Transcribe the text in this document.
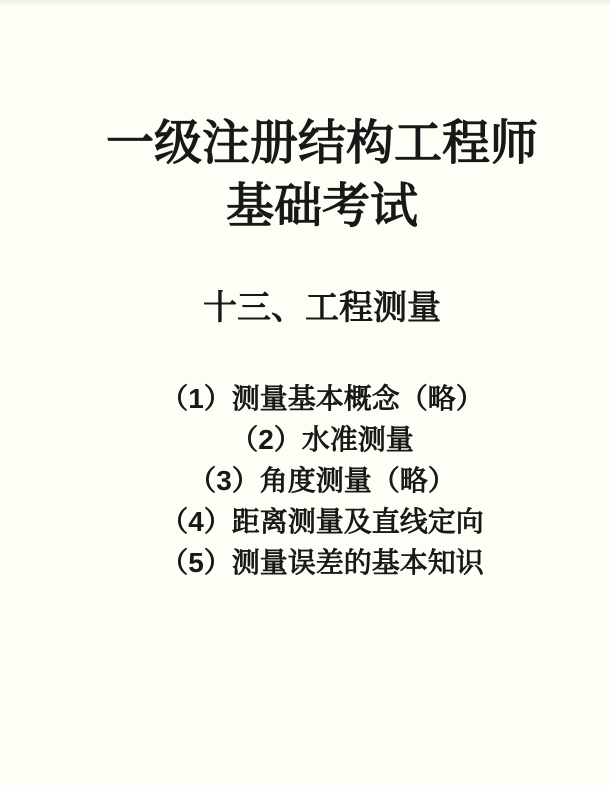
一级注册结构工程师
基础考试
十三、工程测量
（1）测量基本概念（略）
（2）水准测量
（3）角度测量（略）
（4）距离测量及直线定向
（5）测量误差的基本知识
